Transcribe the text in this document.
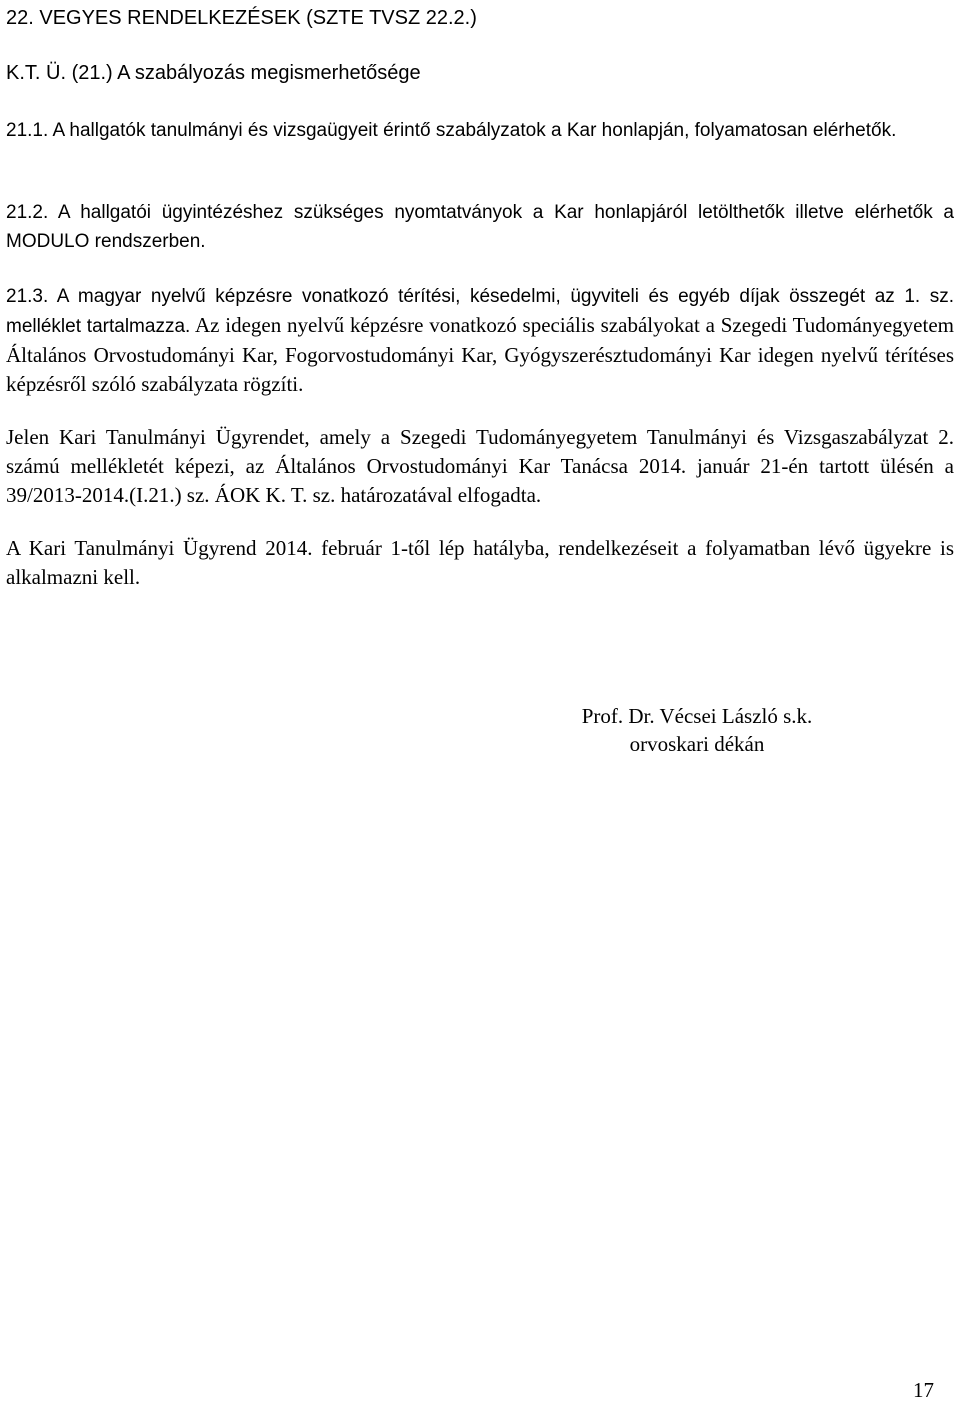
22. VEGYES RENDELKEZÉSEK (SZTE TVSZ 22.2.)
K.T. Ü. (21.) A szabályozás megismerhetősége
21.1. A hallgatók tanulmányi és vizsgaügyeit érintő szabályzatok a Kar honlapján, folyamatosan elérhetők.
21.2. A hallgatói ügyintézéshez szükséges nyomtatványok a Kar honlapjáról letölthetők illetve elérhetők a MODULO rendszerben.
21.3. A magyar nyelvű képzésre vonatkozó térítési, késedelmi, ügyviteli és egyéb díjak összegét az 1. sz. melléklet tartalmazza. Az idegen nyelvű képzésre vonatkozó speciális szabályokat a Szegedi Tudományegyetem Általános Orvostudományi Kar, Fogorvostudományi Kar, Gyógyszerésztudományi Kar idegen nyelvű térítéses képzésről szóló szabályzata rögzíti.
Jelen Kari Tanulmányi Ügyrendet, amely a Szegedi Tudományegyetem Tanulmányi és Vizsgaszabályzat 2. számú mellékletét képezi, az Általános Orvostudományi Kar Tanácsa 2014. január 21-én tartott ülésén a 39/2013-2014.(I.21.) sz. ÁOK K. T. sz. határozatával elfogadta.
A Kari Tanulmányi Ügyrend 2014. február 1-től lép hatályba, rendelkezéseit a folyamatban lévő ügyekre is alkalmazni kell.
Prof. Dr. Vécsei László s.k.
orvoskari dékán
17
